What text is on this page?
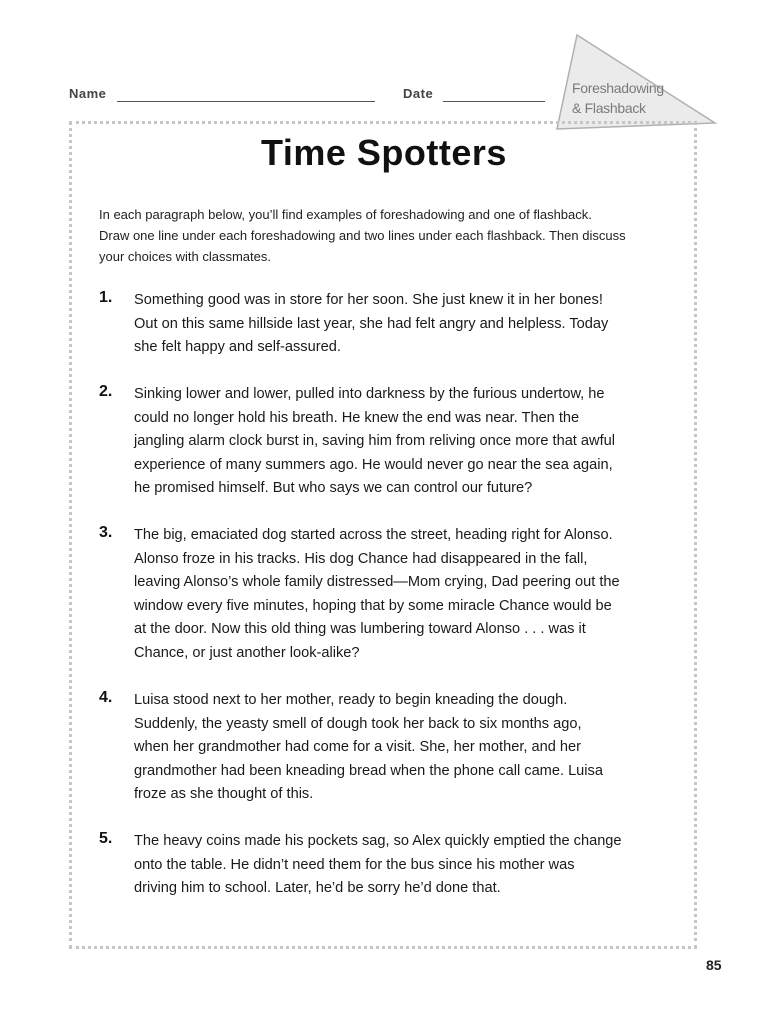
Name	Date	Foreshadowing
& Flashback
Time Spotters
In each paragraph below, you’ll find examples of foreshadowing and one of flashback.
Draw one line under each foreshadowing and two lines under each flashback. Then discuss
your choices with classmates.
1. Something good was in store for her soon. She just knew it in her bones!
Out on this same hillside last year, she had felt angry and helpless. Today
she felt happy and self-assured.
2. Sinking lower and lower, pulled into darkness by the furious undertow, he
could no longer hold his breath. He knew the end was near. Then the
jangling alarm clock burst in, saving him from reliving once more that awful
experience of many summers ago. He would never go near the sea again,
he promised himself. But who says we can control our future?
3. The big, emaciated dog started across the street, heading right for Alonso.
Alonso froze in his tracks. His dog Chance had disappeared in the fall,
leaving Alonso’s whole family distressed—Mom crying, Dad peering out the
window every five minutes, hoping that by some miracle Chance would be
at the door. Now this old thing was lumbering toward Alonso . . . was it
Chance, or just another look-alike?
4. Luisa stood next to her mother, ready to begin kneading the dough.
Suddenly, the yeasty smell of dough took her back to six months ago,
when her grandmother had come for a visit. She, her mother, and her
grandmother had been kneading bread when the phone call came. Luisa
froze as she thought of this.
5. The heavy coins made his pockets sag, so Alex quickly emptied the change
onto the table. He didn’t need them for the bus since his mother was
driving him to school. Later, he’d be sorry he’d done that.
85
